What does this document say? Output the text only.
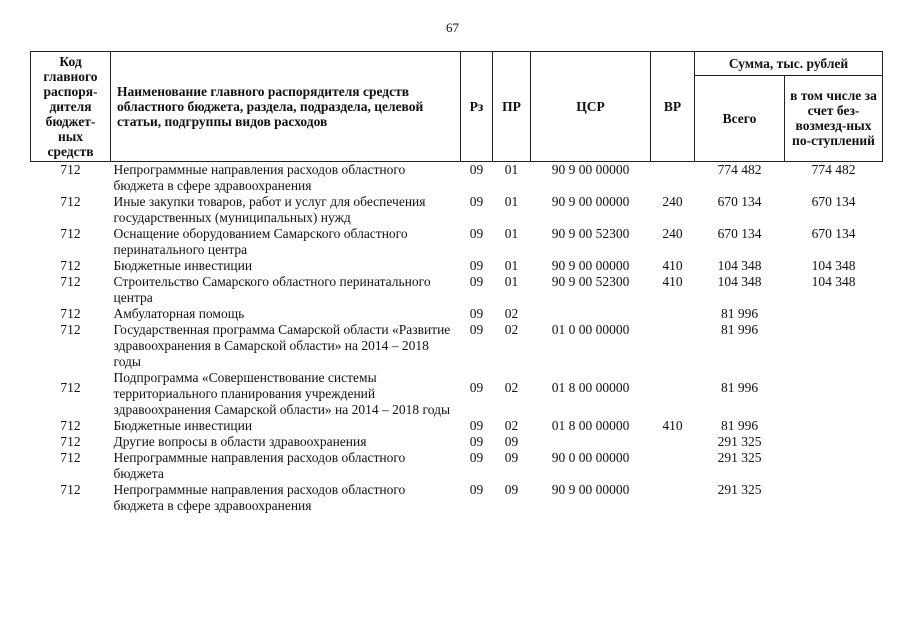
67
Код главного распоря-дителя бюджет-ных средств	Наименование главного распорядителя средств областного бюджета, раздела, подраздела, целевой статьи, подгруппы видов расходов	Рз	ПР	ЦСР	ВР	Сумма, тыс. рублей	
						Всего	в том числе за счет без-возмезд-ных по-ступлений
712	Непрограммные направления расходов областного бюджета в сфере здравоохранения	09	01	90 9 00 00000		774 482	774 482
712	Иные закупки товаров, работ и услуг для обеспечения государственных (муниципальных) нужд	09	01	90 9 00 00000	240	670 134	670 134
712	Оснащение оборудованием Самарского областного перинатального центра	09	01	90 9 00 52300	240	670 134	670 134
712	Бюджетные инвестиции	09	01	90 9 00 00000	410	104 348	104 348
712	Строительство Самарского областного перинатального центра	09	01	90 9 00 52300	410	104 348	104 348
712	Амбулаторная помощь	09	02			81 996	
712	Государственная программа Самарской области «Развитие здравоохранения в Самарской области» на 2014 – 2018 годы	09	02	01 0 00 00000		81 996	
712	Подпрограмма «Совершенствование системы территориального планирования учреждений здравоохранения Самарской области» на 2014 – 2018 годы	09	02	01 8 00 00000		81 996	
712	Бюджетные инвестиции	09	02	01 8 00 00000	410	81 996	
712	Другие вопросы в области здравоохранения	09	09			291 325	
712	Непрограммные направления расходов областного бюджета	09	09	90 0 00 00000		291 325	
712	Непрограммные направления расходов областного бюджета в сфере здравоохранения	09	09	90 9 00 00000		291 325	
